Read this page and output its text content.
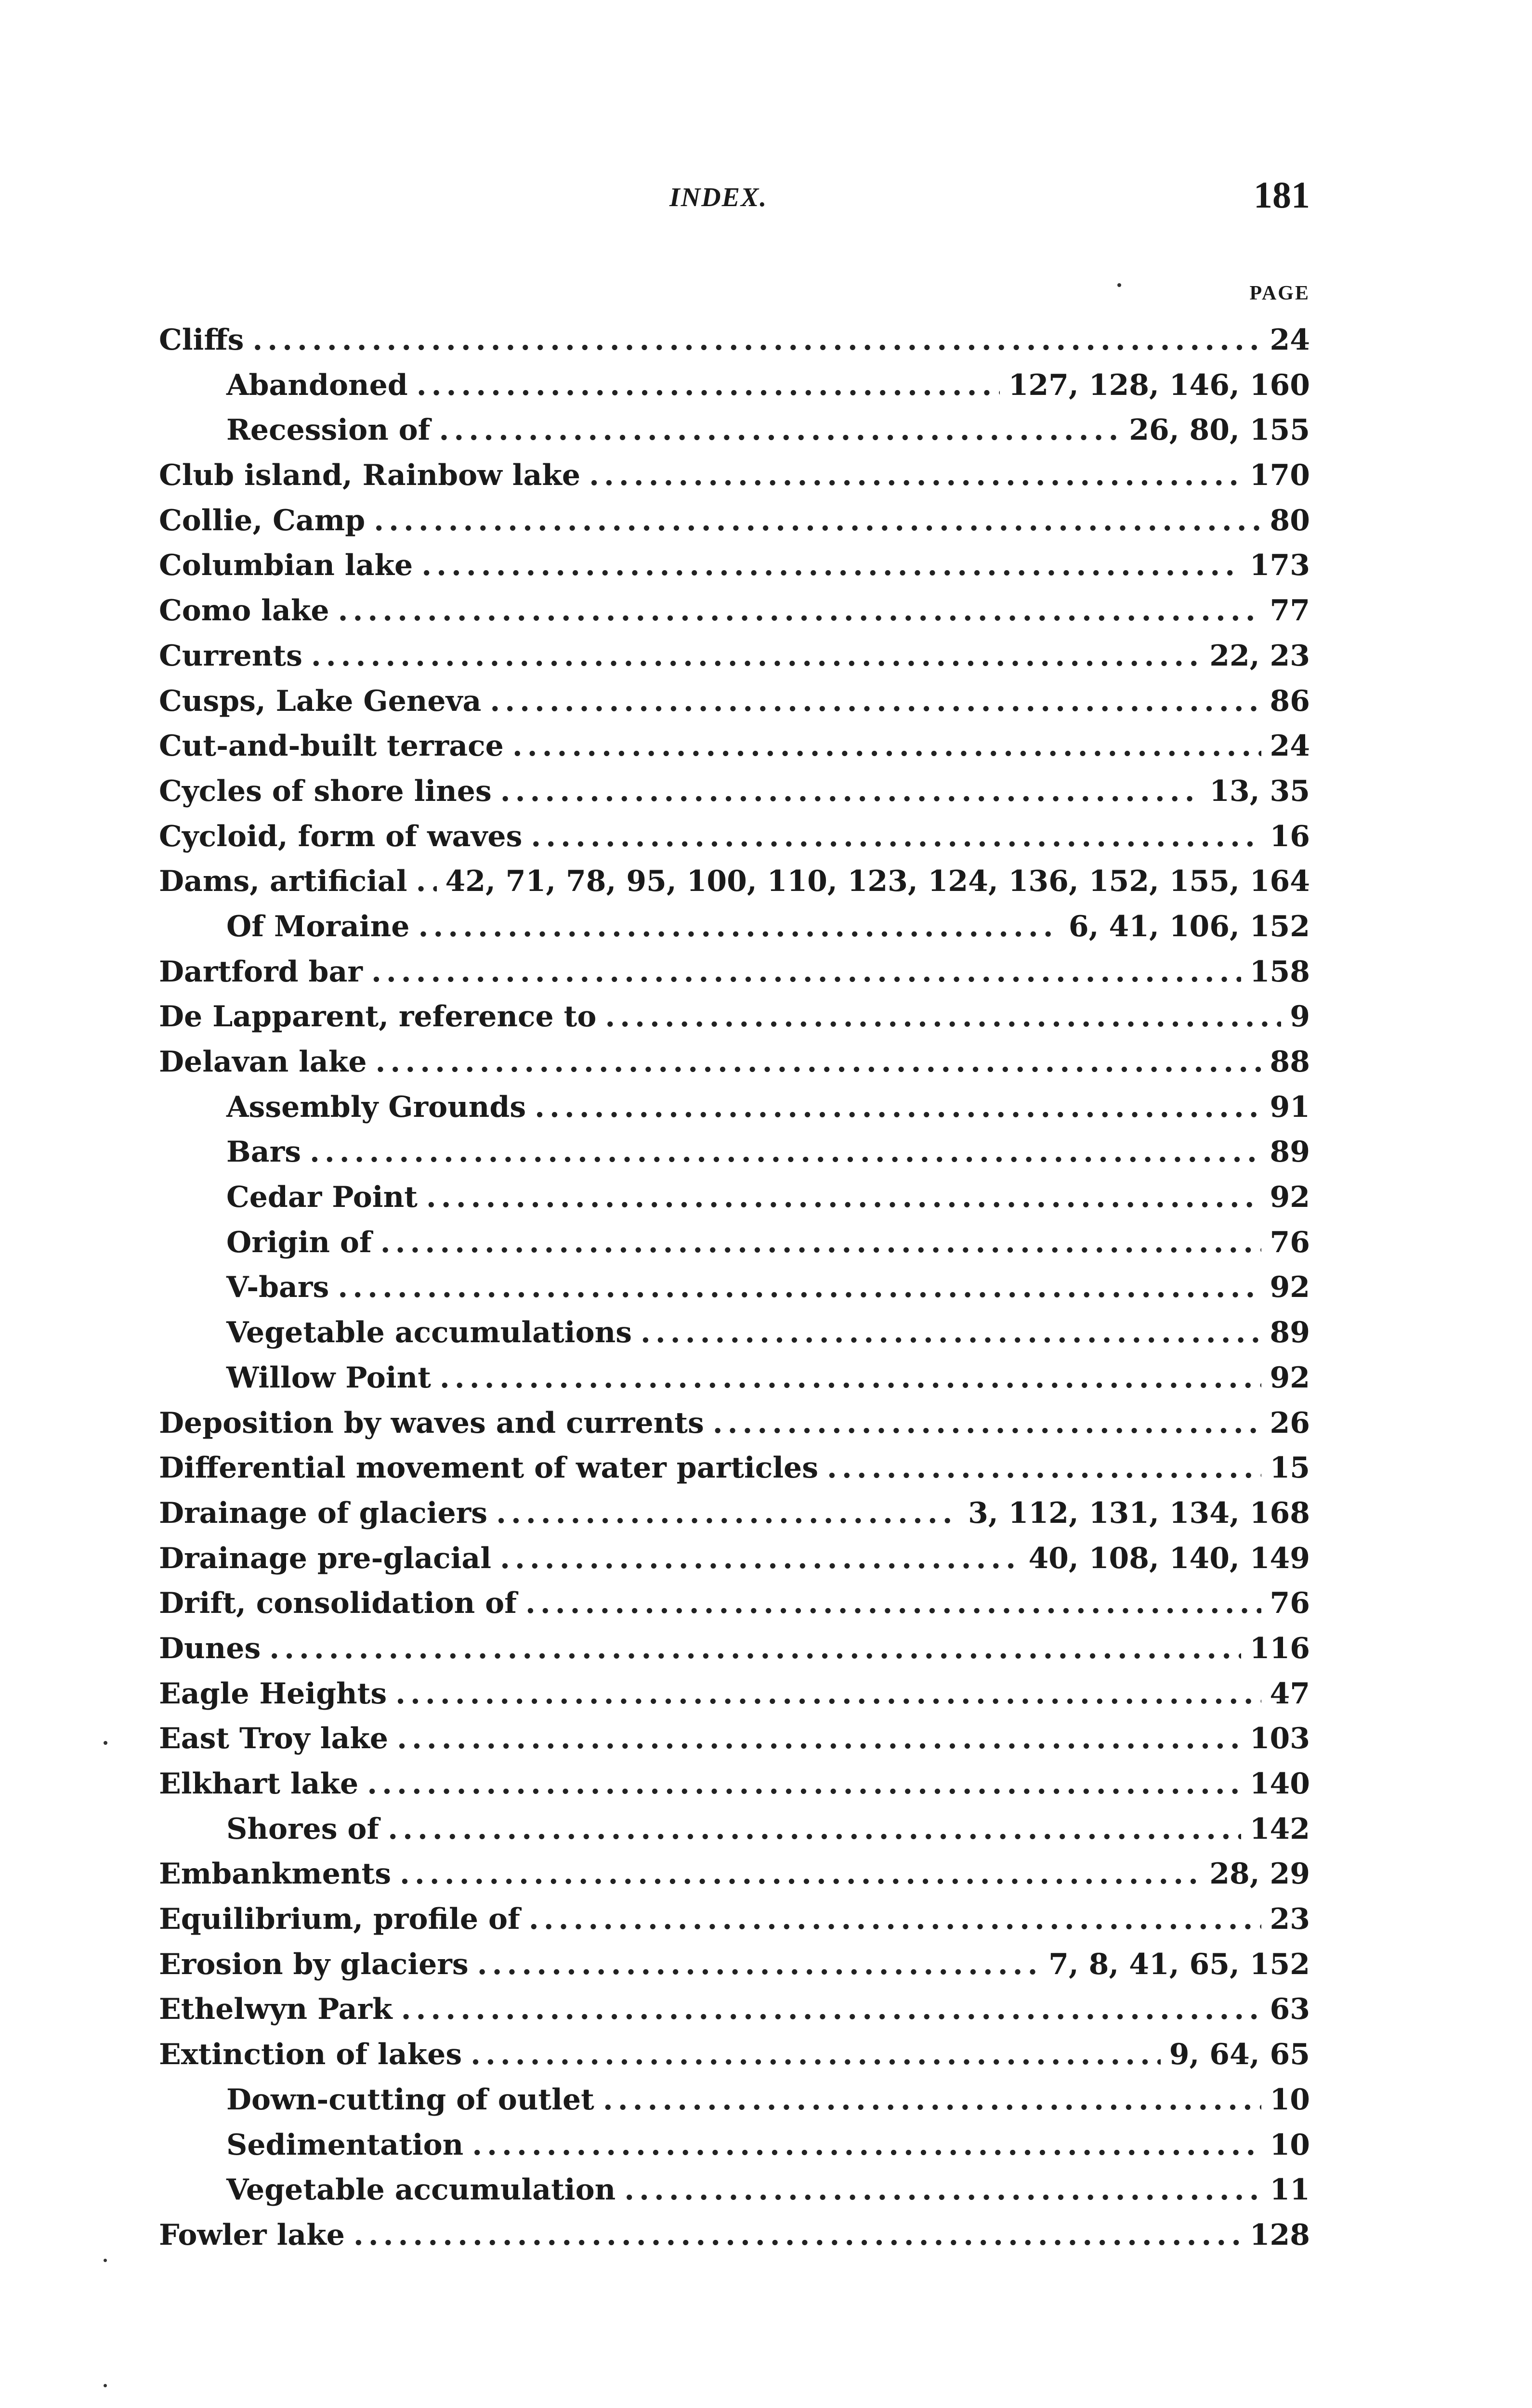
INDEX.	181
PAGE
Cliffs .....	24
Abandoned .....	127, 128, 146, 160
Recession of .....	26, 80, 155
Club island, Rainbow lake .....	170
Collie, Camp .....	80
Columbian lake .....	173
Como lake .....	77
Currents .....	22, 23
Cusps, Lake Geneva .....	86
Cut-and-built terrace .....	24
Cycles of shore lines .....	13, 35
Cycloid, form of waves .....	16
Dams, artificial ..... 42, 71, 78, 95, 100, 110, 123, 124, 136, 152, 155, 164
Of Moraine .....	6, 41, 106, 152
Dartford bar .....	158
De Lapparent, reference to .....	9
Delavan lake .....	88
Assembly Grounds .....	91
Bars .....	89
Cedar Point .....	92
Origin of .....	76
V-bars .....	92
Vegetable accumulations .....	89
Willow Point .....	92
Deposition by waves and currents .....	26
Differential movement of water particles .....	15
Drainage of glaciers .....	3, 112, 131, 134, 168
Drainage pre-glacial .....	40, 108, 140, 149
Drift, consolidation of .....	76
Dunes .....	116
Eagle Heights .....	47
East Troy lake .....	103
Elkhart lake .....	140
Shores of .....	142
Embankments .....	28, 29
Equilibrium, profile of .....	23
Erosion by glaciers .....	7, 8, 41, 65, 152
Ethelwyn Park .....	63
Extinction of lakes .....	9, 64, 65
Down-cutting of outlet .....	10
Sedimentation .....	10
Vegetable accumulation .....	11
Fowler lake .....	128
